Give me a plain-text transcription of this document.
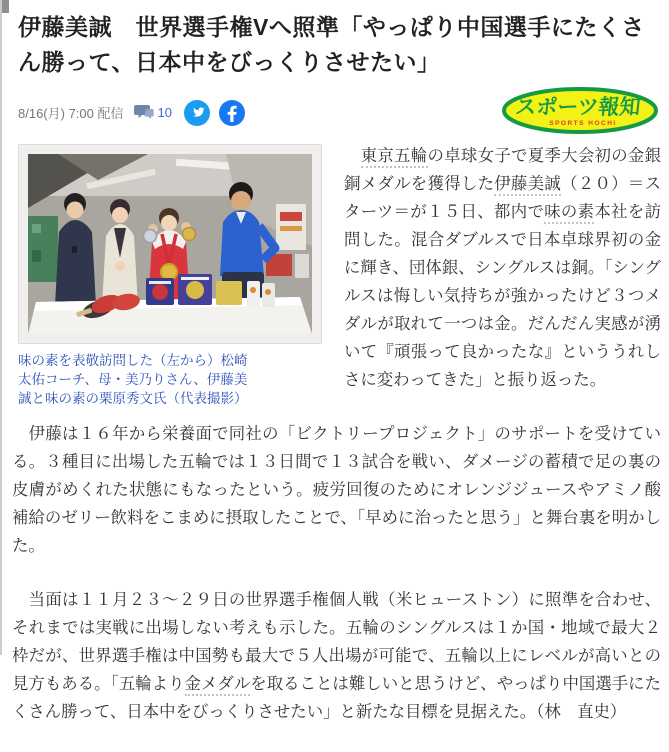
伊藤美誠　世界選手権Vへ照準「やっぱり中国選手にたくさん勝って、日本中をびっくりさせたい」
8/16(月) 7:00 配信	10	スポーツ報知
SPORTS HOCHI
味の素を表敬訪問した（左から）松崎太佑コーチ、母・美乃りさん、伊藤美誠と味の素の栗原秀文氏（代表撮影）

　東京五輪の卓球女子で夏季大会初の金銀銅メダルを獲得した伊藤美誠（２０）＝スターツ＝が１５日、都内で味の素本社を訪問した。混合ダブルスで日本卓球界初の金に輝き、団体銀、シングルスは銅。「シングルスは悔しい気持ちが強かったけど３つメダルが取れて一つは金。だんだん実感が湧いて『頑張って良かったな』といううれしさに変わってきた」と振り返った。

　伊藤は１６年から栄養面で同社の「ビクトリープロジェクト」のサポートを受けている。３種目に出場した五輪では１３日間で１３試合を戦い、ダメージの蓄積で足の裏の皮膚がめくれた状態にもなったという。疲労回復のためにオレンジジュースやアミノ酸補給のゼリー飲料をこまめに摂取したことで、「早めに治ったと思う」と舞台裏を明かした。

　当面は１１月２３～２９日の世界選手権個人戦（米ヒューストン）に照準を合わせ、それまでは実戦に出場しない考えも示した。五輪のシングルスは１か国・地域で最大２枠だが、世界選手権は中国勢も最大で５人出場が可能で、五輪以上にレベルが高いとの見方もある。「五輪より金メダルを取ることは難しいと思うけど、やっぱり中国選手にたくさん勝って、日本中をびっくりさせたい」と新たな目標を見据えた。（林　直史）
